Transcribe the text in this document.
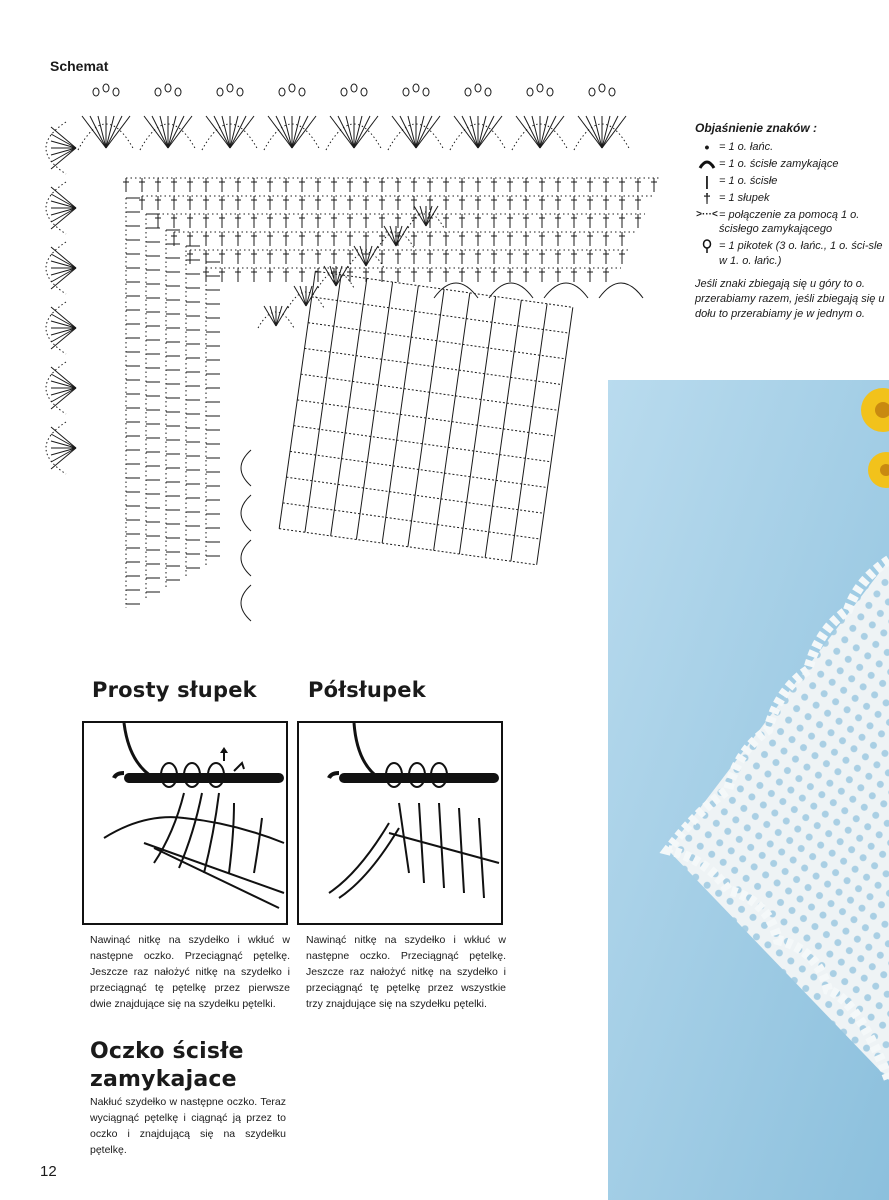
Schemat
Objaśnienie znaków :
• = 1 o. łańc.
= 1 o. ścisłe zamykające
| = 1 o. ścisłe
† = 1 słupek
>···< = połączenie za pomocą 1 o. ścisłego zamykającego
= 1 pikotek (3 o. łańc., 1 o. ści-sle w 1. o. łańc.)
Jeśli znaki zbiegają się u góry to o. przerabiamy razem, jeśli zbiegają się u dołu to przerabiamy je w jednym o.
Prosty słupek Półsłupek
Nawinąć nitkę na szydełko i wkłuć w następne oczko. Przeciągnąć pętelkę. Jeszcze raz nałożyć nitkę na szydełko i przeciągnąć tę pętelkę przez pierwsze dwie znajdujące się na szydełku pętelki.
Nawinąć nitkę na szydełko i wkłuć w następne oczko. Przeciągnąć pętelkę. Jeszcze raz nałożyć nitkę na szydełko i przeciągnąć tę pętelkę przez wszystkie trzy znajdujące się na szydełku pętelki.
Oczko ścisłe zamykajace
Nakłuć szydełko w następne oczko. Teraz wyciągnąć pętelkę i ciągnąć ją przez to oczko i znajdującą się na szydełku pętelkę.
12
